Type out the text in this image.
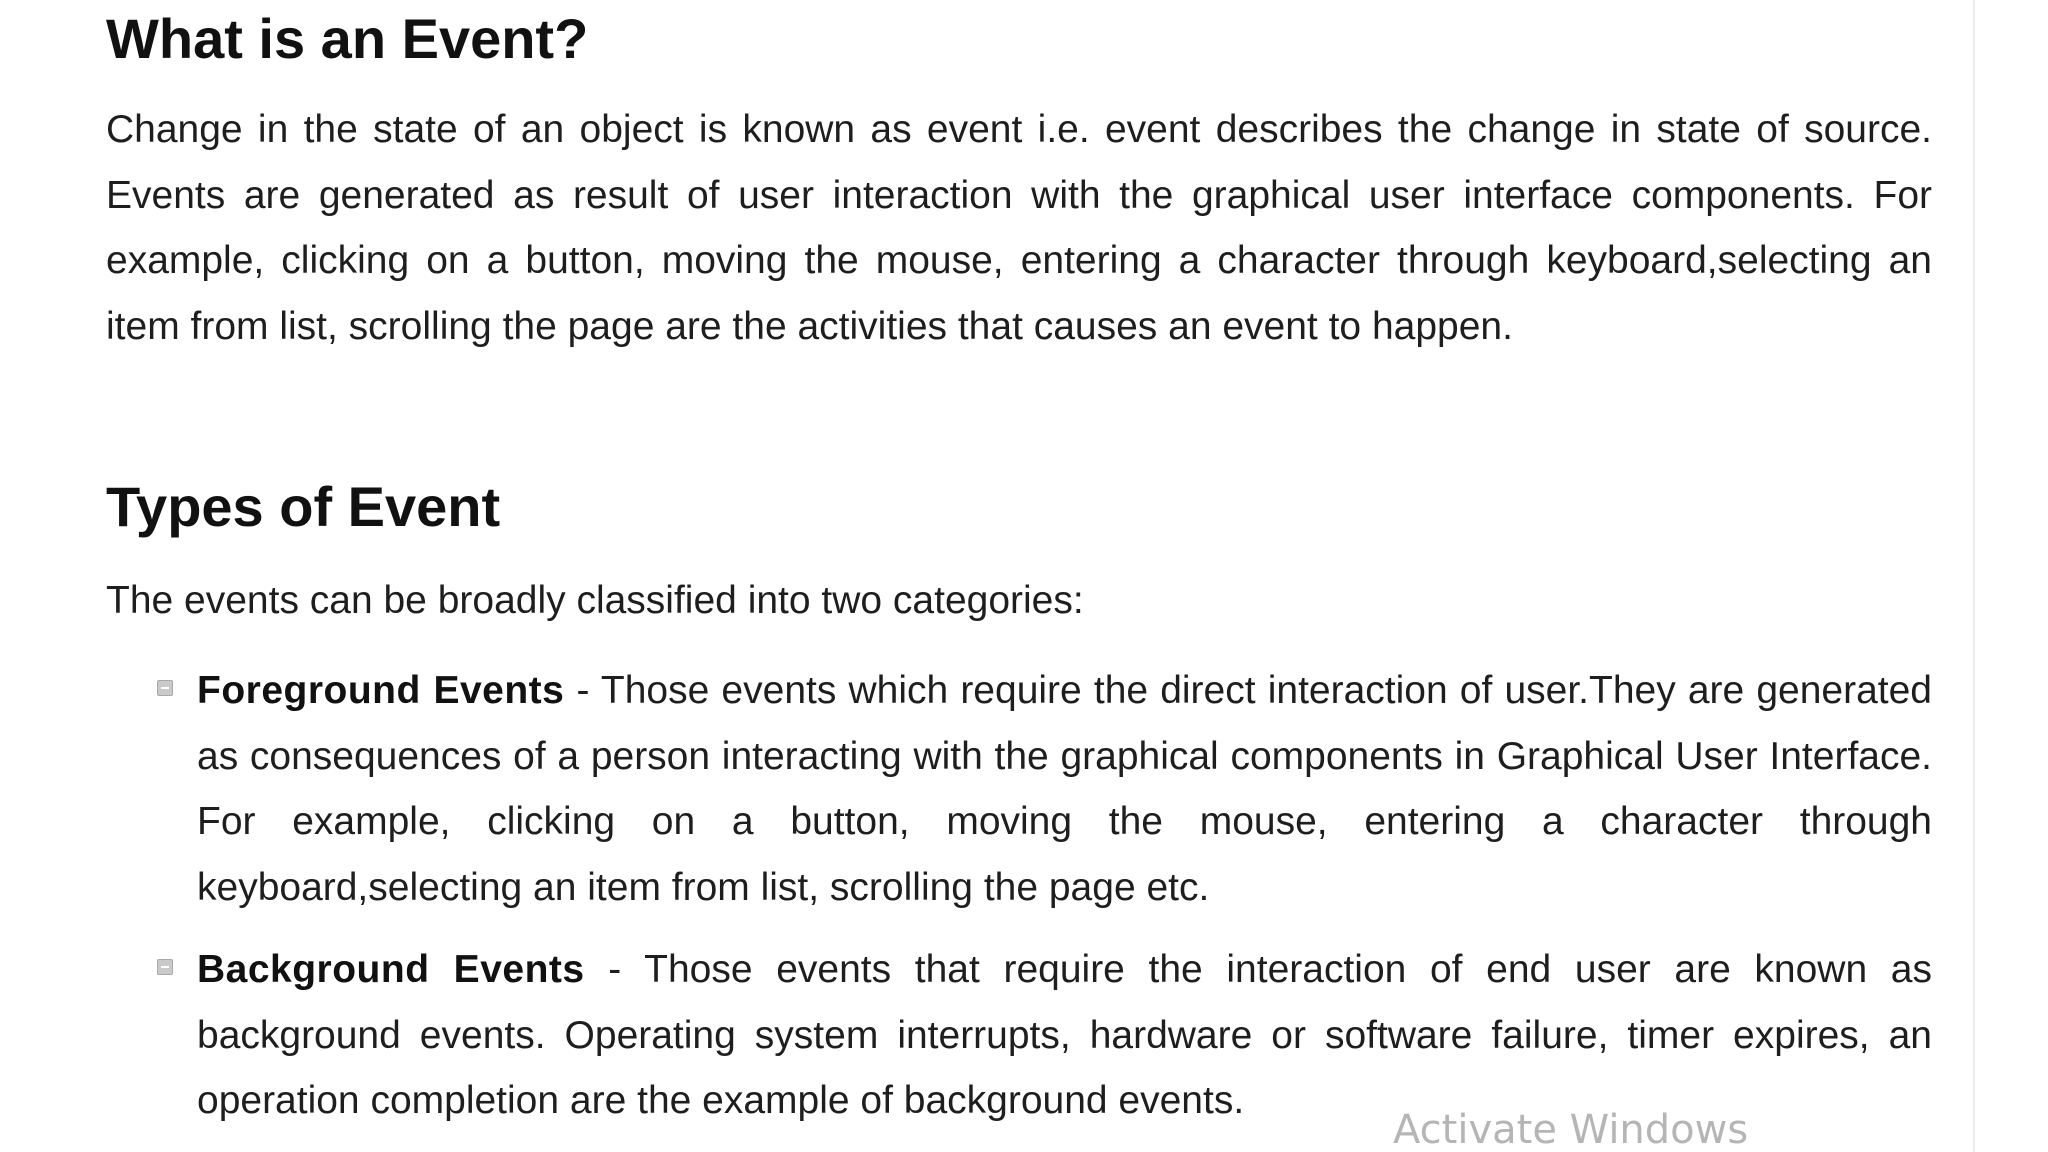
What is an Event?

Change in the state of an object is known as event i.e. event describes the change in state of source. Events are generated as result of user interaction with the graphical user interface components. For example, clicking on a button, moving the mouse, entering a character through keyboard,selecting an item from list, scrolling the page are the activities that causes an event to happen.

Types of Event

The events can be broadly classified into two categories:

Foreground Events - Those events which require the direct interaction of user.They are generated as consequences of a person interacting with the graphical components in Graphical User Interface. For example, clicking on a button, moving the mouse, entering a character through keyboard,selecting an item from list, scrolling the page etc.
Background Events - Those events that require the interaction of end user are known as background events. Operating system interrupts, hardware or software failure, timer expires, an operation completion are the example of background events.
Activate Windows
